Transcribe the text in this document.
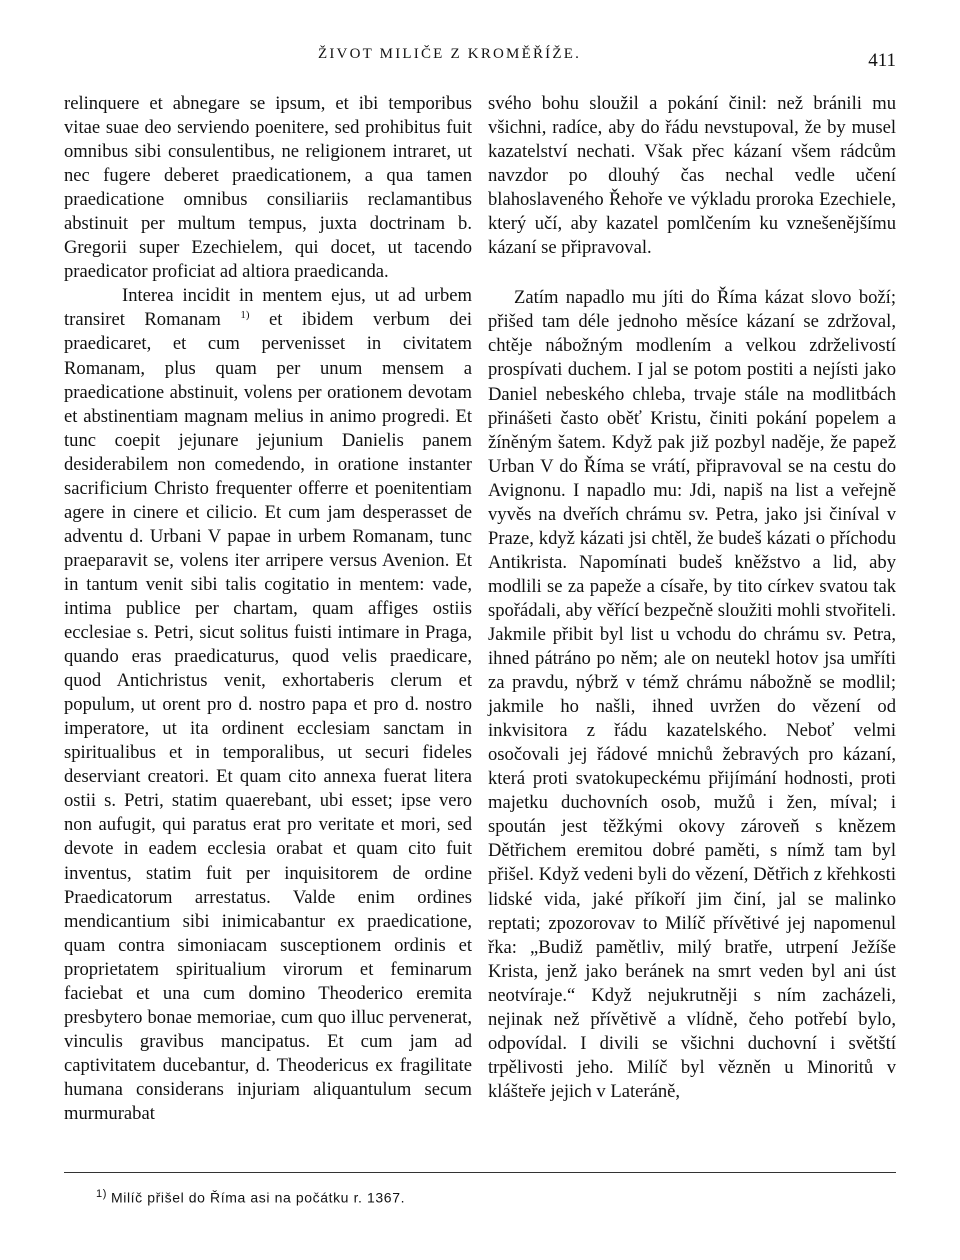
ŽIVOT MILIČE Z KROMĚŘÍŽE.	411

relinquere et abnegare se ipsum, et ibi temporibus vitae suae deo serviendo poenitere, sed prohibitus fuit omnibus sibi consulentibus, ne religionem intraret, ut nec fugere deberet praedicationem, a qua tamen praedicatione omnibus consiliariis reclamantibus abstinuit per multum tempus, juxta doctrinam b. Gregorii super Ezechielem, qui docet, ut tacendo praedicator proficiat ad altiora praedicanda.

Interea incidit in mentem ejus, ut ad urbem transiret Romanam $^{1)}$ et ibidem verbum dei praedicaret, et cum pervenisset in civitatem Romanam, plus quam per unum mensem a praedicatione abstinuit, volens per orationem devotam et abstinentiam magnam melius in animo progredi. Et tunc coepit jejunare jejunium Danielis panem desiderabilem non comedendo, in oratione instanter sacrificium Christo frequenter offerre et poenitentiam agere in cinere et cilicio. Et cum jam desperasset de adventu d. Urbani V papae in urbem Romanam, tunc praeparavit se, volens iter arripere versus Avenion. Et in tantum venit sibi talis cogitatio in mentem: vade, intima publice per chartam, quam affiges ostiis ecclesiae s. Petri, sicut solitus fuisti intimare in Praga, quando eras praedicaturus, quod velis praedicare, quod Antichristus venit, exhortaberis clerum et populum, ut orent pro d. nostro papa et pro d. nostro imperatore, ut ita ordinent ecclesiam sanctam in spiritualibus et in temporalibus, ut securi fideles deserviant creatori. Et quam cito annexa fuerat litera ostii s. Petri, statim quaerebant, ubi esset; ipse vero non aufugit, qui paratus erat pro veritate et mori, sed devote in eadem ecclesia orabat et quam cito fuit inventus, statim fuit per inquisitorem de ordine Praedicatorum arrestatus. Valde enim ordines mendicantium sibi inimicabantur ex praedicatione, quam contra simoniacam susceptionem ordinis et proprietatem spiritualium virorum et feminarum faciebat et una cum domino Theoderico eremita presbytero bonae memoriae, cum quo illuc pervenerat, vinculis gravibus mancipatus. Et cum jam ad captivitatem ducebantur, d. Theodericus ex fragilitate humana considerans injuriam aliquantulum secum murmurabat

svého bohu sloužil a pokání činil: než bránili mu všichni, radíce, aby do řádu nevstupoval, že by musel kazatelství nechati. Však přec kázaní všem rádcům navzdor po dlouhý čas nechal vedle učení blahoslaveného Řehoře ve výkladu proroka Ezechiele, který učí, aby kazatel pomlčením ku vznešenějšímu kázaní se připravoval.

Zatím napadlo mu jíti do Říma kázat slovo boží; přišed tam déle jednoho měsíce kázaní se zdržoval, chtěje nábožným modlením a velkou zdrželivostí prospívati duchem. I jal se potom postiti a nejísti jako Daniel nebeského chleba, trvaje stále na modlitbách přinášeti často oběť Kristu, činiti pokání popelem a žíněným šatem. Když pak již pozbyl naděje, že papež Urban V do Říma se vrátí, připravoval se na cestu do Avignonu. I napadlo mu: Jdi, napiš na list a veřejně vyvěs na dveřích chrámu sv. Petra, jako jsi činíval v Praze, když kázati jsi chtěl, že budeš kázati o příchodu Antikrista. Napomínati budeš kněžstvo a lid, aby modlili se za papeže a císaře, by tito církev svatou tak spořádali, aby věřící bezpečně sloužiti mohli stvořiteli. Jakmile přibit byl list u vchodu do chrámu sv. Petra, ihned pátráno po něm; ale on neutekl hotov jsa umříti za pravdu, nýbrž v témž chrámu nábožně se modlil; jakmile ho našli, ihned uvržen do vězení od inkvisitora z řádu kazatelského. Neboť velmi osočovali jej řádové mnichů žebravých pro kázaní, která proti svatokupeckému přijímání hodnosti, proti majetku duchovních osob, mužů i žen, míval; i spoután jest těžkými okovy zároveň s knězem Dětřichem eremitou dobré paměti, s nímž tam byl přišel. Když vedeni byli do vězení, Dětřich z křehkosti lidské vida, jaké příkoří jim činí, jal se malinko reptati; zpozorovav to Milíč přívětivé jej napomenul řka: „Budiž pamětliv, milý bratře, utrpení Ježíše Krista, jenž jako beránek na smrt veden byl ani úst neotvíraje.“ Když nejukrutněji s ním zacházeli, nejinak než přívětivě a vlídně, čeho potřebí bylo, odpovídal. I divili se všichni duchovní i světští trpělivosti jeho. Milíč byl vězněn u Minoritů v klášteře jejich v Lateráně,

$^{1)}$ Milíč přišel do Říma asi na počátku r. 1367.
